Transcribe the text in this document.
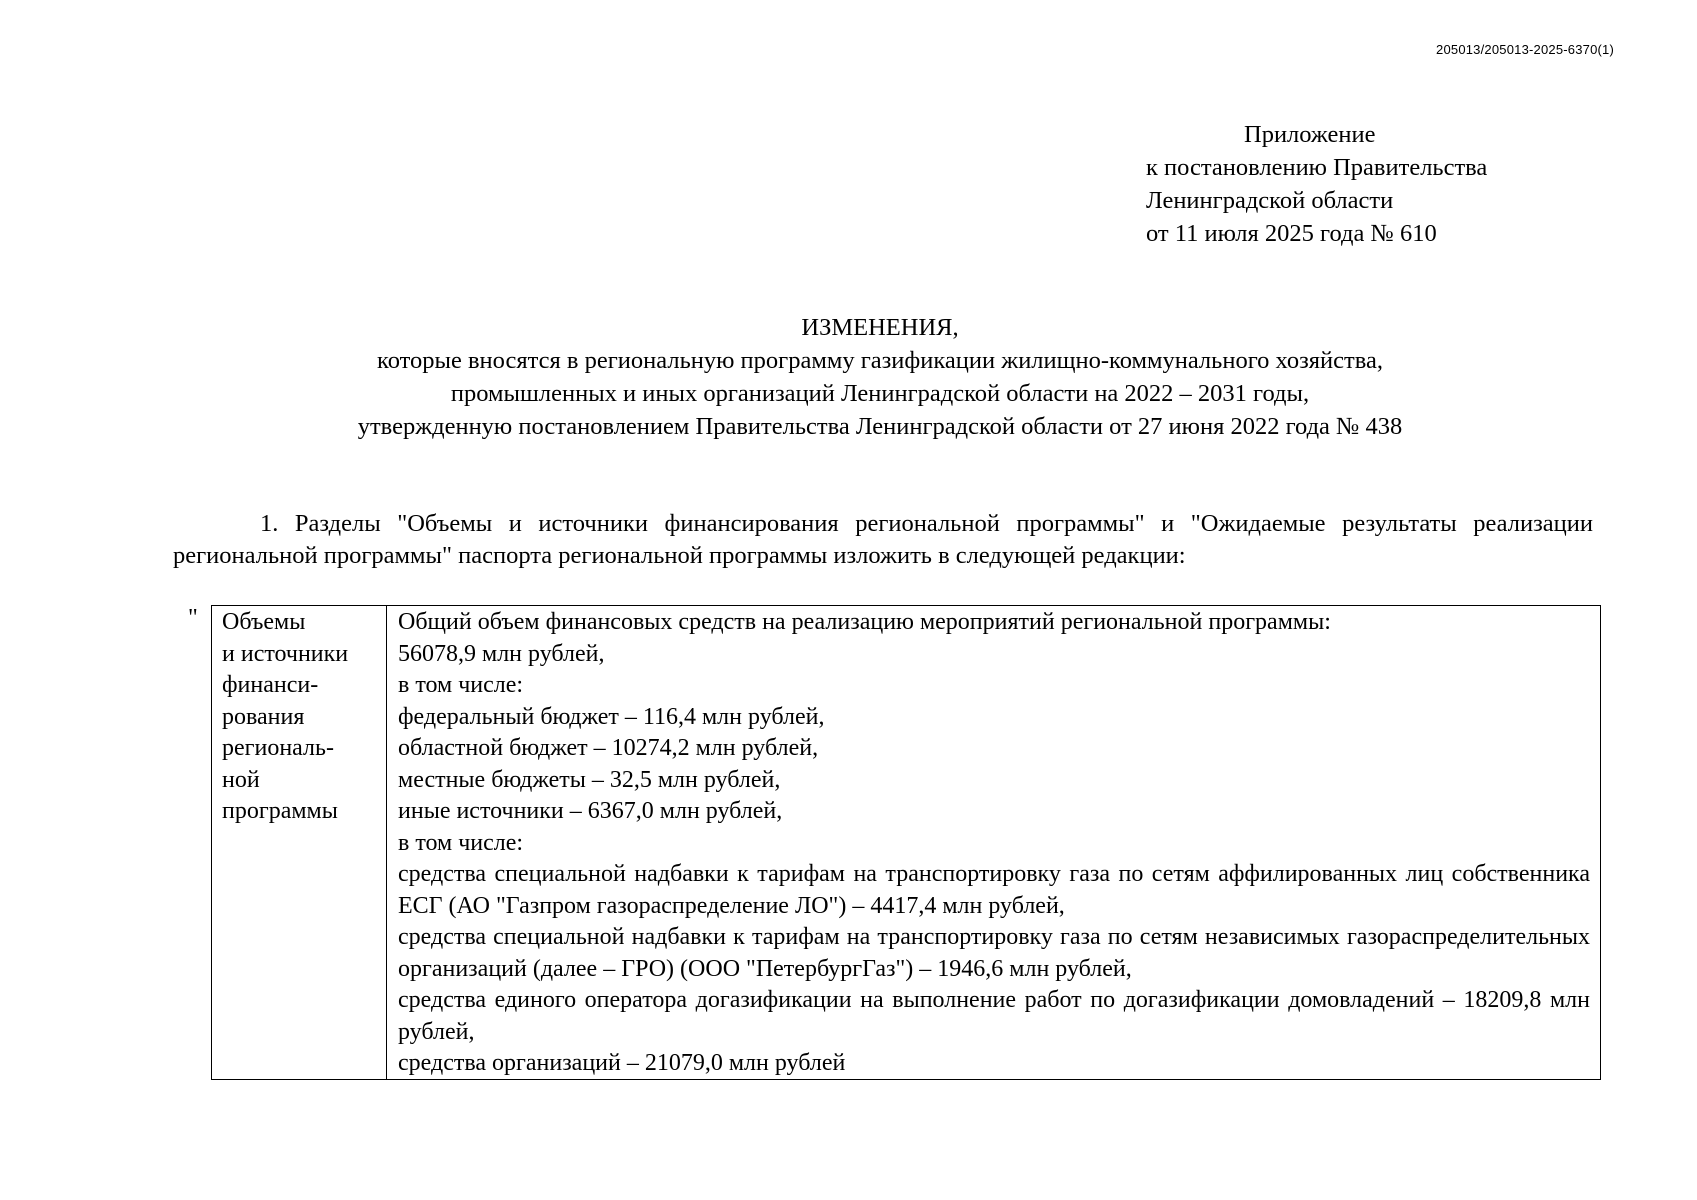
205013/205013-2025-6370(1)
Приложение
к постановлению Правительства
Ленинградской области
от 11 июля 2025 года № 610
ИЗМЕНЕНИЯ,
которые вносятся в региональную программу газификации жилищно-коммунального хозяйства,
промышленных и иных организаций Ленинградской области на 2022 – 2031 годы,
утвержденную постановлением Правительства Ленинградской области от 27 июня 2022 года № 438
1. Разделы "Объемы и источники финансирования региональной программы" и "Ожидаемые результаты реализации региональной программы" паспорта региональной программы изложить в следующей редакции:
" Объемы
и источники
финанси-
рования
региональ-
ной
программы
Общий объем финансовых средств на реализацию мероприятий региональной программы:
56078,9 млн рублей,
в том числе:
федеральный бюджет – 116,4 млн рублей,
областной бюджет – 10274,2 млн рублей,
местные бюджеты – 32,5 млн рублей,
иные источники – 6367,0 млн рублей,
в том числе:
средства специальной надбавки к тарифам на транспортировку газа по сетям аффилированных лиц собственника ЕСГ (АО "Газпром газораспределение ЛО") – 4417,4 млн рублей,
средства специальной надбавки к тарифам на транспортировку газа по сетям независимых газораспределительных организаций (далее – ГРО) (ООО "ПетербургГаз") – 1946,6 млн рублей,
средства единого оператора догазификации на выполнение работ по догазификации домовладений – 18209,8 млн рублей,
средства организаций – 21079,0 млн рублей
